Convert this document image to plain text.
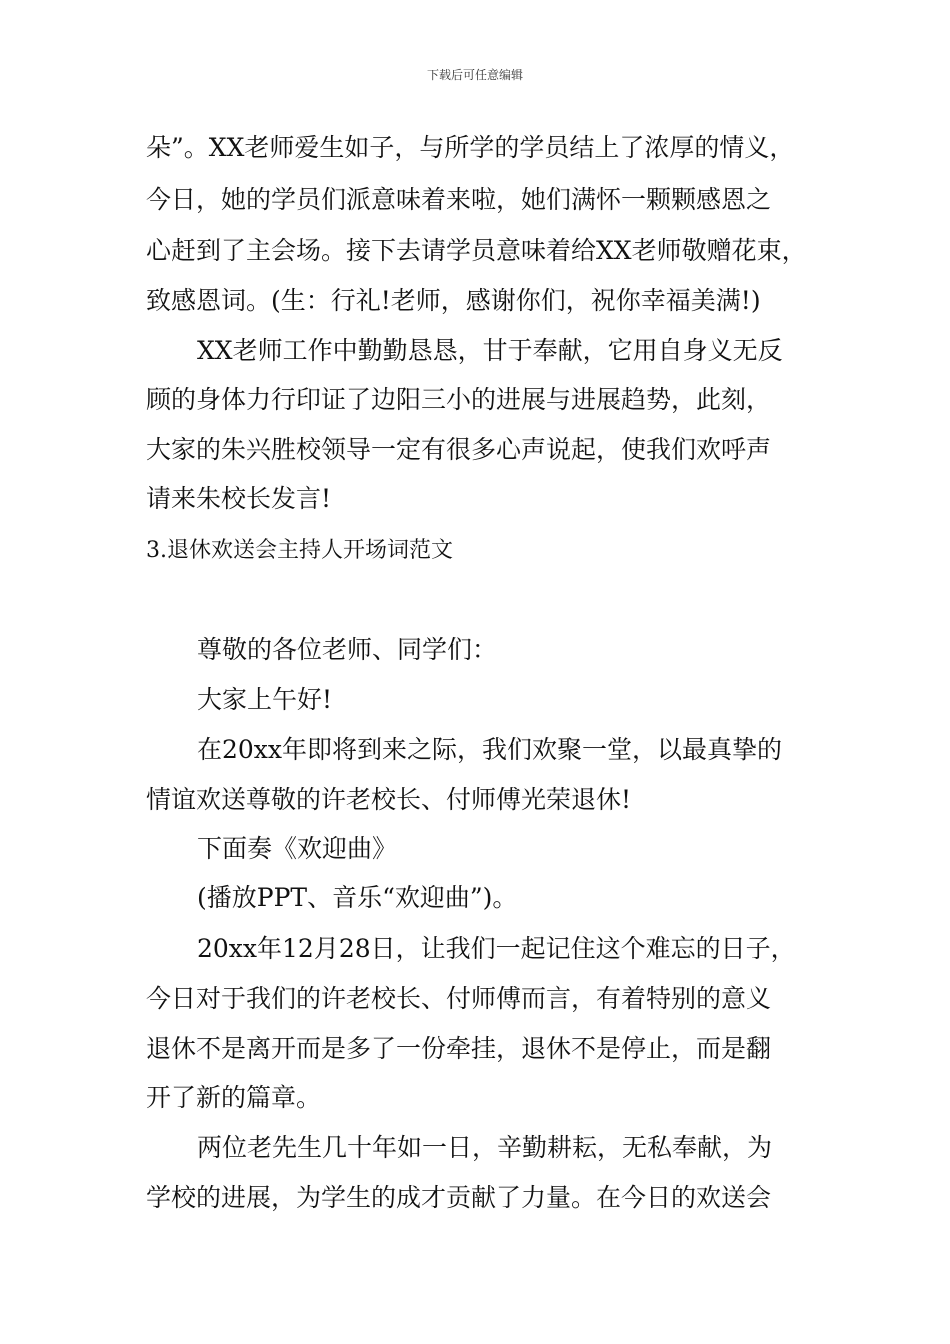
下载后可任意编辑
朵”。XX老师爱生如子，与所学的学员结上了浓厚的情义，
今日，她的学员们派意味着来啦，她们满怀一颗颗感恩之
心赶到了主会场。接下去请学员意味着给XX老师敬赠花束，
致感恩词。(生：行礼!老师，感谢你们，祝你幸福美满!)
XX老师工作中勤勤恳恳，甘于奉献，它用自身义无反
顾的身体力行印证了边阳三小的进展与进展趋势，此刻，
大家的朱兴胜校领导一定有很多心声说起，使我们欢呼声
请来朱校长发言!
3.退休欢送会主持人开场词范文
尊敬的各位老师、同学们：
大家上午好!
在20xx年即将到来之际，我们欢聚一堂，以最真挚的
情谊欢送尊敬的许老校长、付师傅光荣退休!
下面奏《欢迎曲》
(播放PPT、音乐“欢迎曲”)。
20xx年12月28日，让我们一起记住这个难忘的日子，
今日对于我们的许老校长、付师傅而言，有着特别的意义
退休不是离开而是多了一份牵挂，退休不是停止，而是翻
开了新的篇章。
两位老先生几十年如一日，辛勤耕耘，无私奉献，为
学校的进展，为学生的成才贡献了力量。在今日的欢送会
